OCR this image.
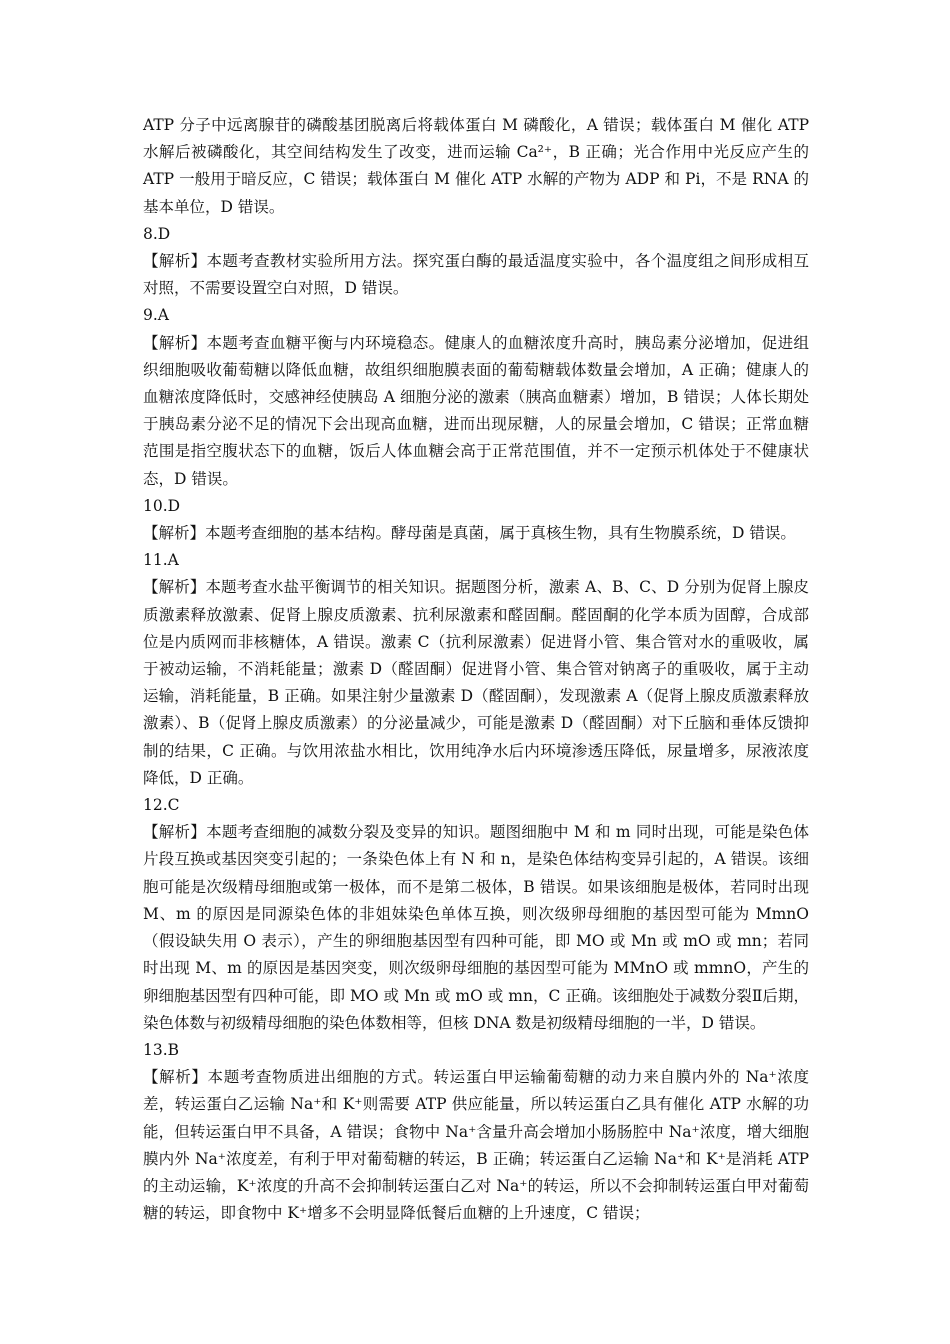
ATP 分子中远离腺苷的磷酸基团脱离后将载体蛋白 M 磷酸化，A 错误；载体蛋白 M 催化 ATP 水解后被磷酸化，其空间结构发生了改变，进而运输 Ca²⁺，B 正确；光合作用中光反应产生的 ATP 一般用于暗反应，C 错误；载体蛋白 M 催化 ATP 水解的产物为 ADP 和 Pi，不是 RNA 的基本单位，D 错误。

8.D

【解析】本题考查教材实验所用方法。探究蛋白酶的最适温度实验中，各个温度组之间形成相互对照，不需要设置空白对照，D 错误。

9.A

【解析】本题考查血糖平衡与内环境稳态。健康人的血糖浓度升高时，胰岛素分泌增加，促进组织细胞吸收葡萄糖以降低血糖，故组织细胞膜表面的葡萄糖载体数量会增加，A 正确；健康人的血糖浓度降低时，交感神经使胰岛 A 细胞分泌的激素（胰高血糖素）增加，B 错误；人体长期处于胰岛素分泌不足的情况下会出现高血糖，进而出现尿糖，人的尿量会增加，C 错误；正常血糖范围是指空腹状态下的血糖，饭后人体血糖会高于正常范围值，并不一定预示机体处于不健康状态，D 错误。

10.D

【解析】本题考查细胞的基本结构。酵母菌是真菌，属于真核生物，具有生物膜系统，D 错误。

11.A

【解析】本题考查水盐平衡调节的相关知识。据题图分析，激素 A、B、C、D 分别为促肾上腺皮质激素释放激素、促肾上腺皮质激素、抗利尿激素和醛固酮。醛固酮的化学本质为固醇，合成部位是内质网而非核糖体，A 错误。激素 C（抗利尿激素）促进肾小管、集合管对水的重吸收，属于被动运输，不消耗能量；激素 D（醛固酮）促进肾小管、集合管对钠离子的重吸收，属于主动运输，消耗能量，B 正确。如果注射少量激素 D（醛固酮），发现激素 A（促肾上腺皮质激素释放激素）、B（促肾上腺皮质激素）的分泌量减少，可能是激素 D（醛固酮）对下丘脑和垂体反馈抑制的结果，C 正确。与饮用浓盐水相比，饮用纯净水后内环境渗透压降低，尿量增多，尿液浓度降低，D 正确。

12.C

【解析】本题考查细胞的减数分裂及变异的知识。题图细胞中 M 和 m 同时出现，可能是染色体片段互换或基因突变引起的；一条染色体上有 N 和 n，是染色体结构变异引起的，A 错误。该细胞可能是次级精母细胞或第一极体，而不是第二极体，B 错误。如果该细胞是极体，若同时出现 M、m 的原因是同源染色体的非姐妹染色单体互换，则次级卵母细胞的基因型可能为 MmnO（假设缺失用 O 表示），产生的卵细胞基因型有四种可能，即 MO 或 Mn 或 mO 或 mn；若同时出现 M、m 的原因是基因突变，则次级卵母细胞的基因型可能为 MMnO 或 mmnO，产生的卵细胞基因型有四种可能，即 MO 或 Mn 或 mO 或 mn，C 正确。该细胞处于减数分裂Ⅱ后期，染色体数与初级精母细胞的染色体数相等，但核 DNA 数是初级精母细胞的一半，D 错误。

13.B

【解析】本题考查物质进出细胞的方式。转运蛋白甲运输葡萄糖的动力来自膜内外的 Na⁺浓度差，转运蛋白乙运输 Na⁺和 K⁺则需要 ATP 供应能量，所以转运蛋白乙具有催化 ATP 水解的功能，但转运蛋白甲不具备，A 错误；食物中 Na⁺含量升高会增加小肠肠腔中 Na⁺浓度，增大细胞膜内外 Na⁺浓度差，有利于甲对葡萄糖的转运，B 正确；转运蛋白乙运输 Na⁺和 K⁺是消耗 ATP 的主动运输，K⁺浓度的升高不会抑制转运蛋白乙对 Na⁺的转运，所以不会抑制转运蛋白甲对葡萄糖的转运，即食物中 K⁺增多不会明显降低餐后血糖的上升速度，C 错误；
